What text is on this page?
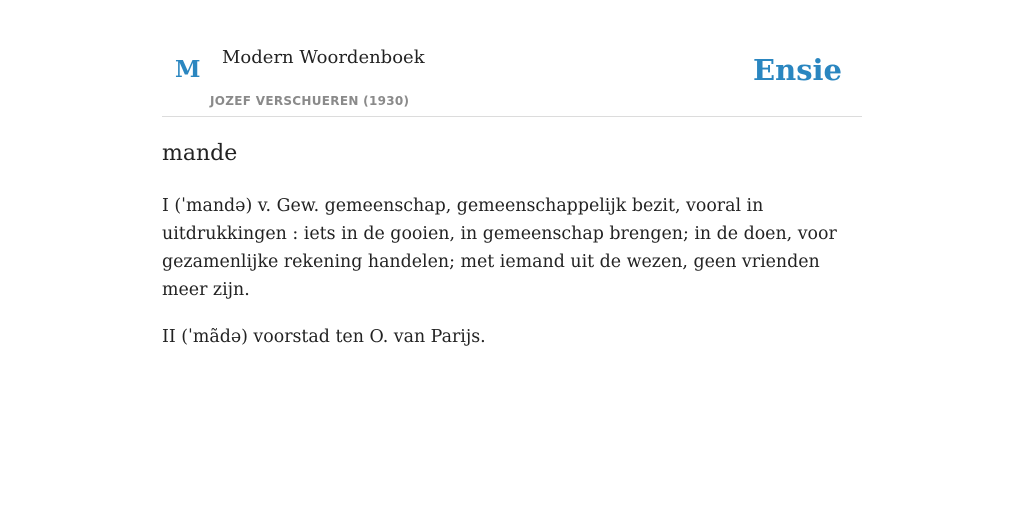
M Modern Woordenboek
JOZEF VERSCHUEREN (1930)
Ensie
mande

I (ˈmandə) v. Gew. gemeenschap, gemeenschappelijk bezit, vooral in uitdrukkingen : iets in de gooien, in gemeenschap brengen; in de doen, voor gezamenlijke rekening handelen; met iemand uit de wezen, geen vrienden meer zijn.

II (ˈmãdə) voorstad ten O. van Parijs.
